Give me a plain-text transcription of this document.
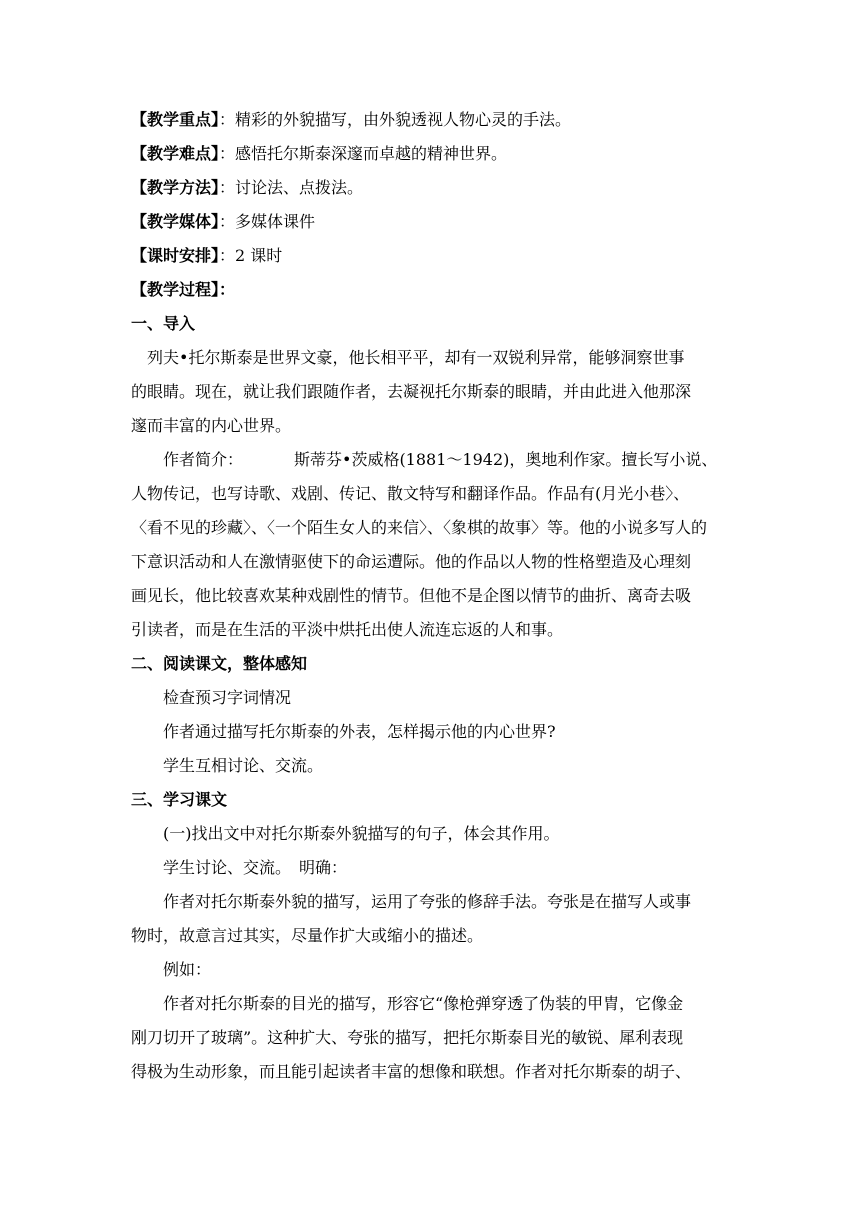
【教学重点】：精彩的外貌描写，由外貌透视人物心灵的手法。
【教学难点】：感悟托尔斯泰深邃而卓越的精神世界。
【教学方法】：讨论法、点拨法。
【教学媒体】：多媒体课件
【课时安排】：2 课时
【教学过程】：
一、导入
列夫•托尔斯泰是世界文豪，他长相平平，却有一双锐利异常，能够洞察世事
的眼睛。现在，就让我们跟随作者，去凝视托尔斯泰的眼睛，并由此进入他那深
邃而丰富的内心世界。
作者简介：	斯蒂芬•茨威格(1881～1942)，奥地利作家。擅长写小说、
人物传记，也写诗歌、戏剧、传记、散文特写和翻译作品。作品有(月光小巷〉、
〈看不见的珍藏〉、〈一个陌生女人的来信〉、〈象棋的故事〉等。他的小说多写人的
下意识活动和人在激情驱使下的命运遭际。他的作品以人物的性格塑造及心理刻
画见长，他比较喜欢某种戏剧性的情节。但他不是企图以情节的曲折、离奇去吸
引读者，而是在生活的平淡中烘托出使人流连忘返的人和事。
二、阅读课文，整体感知
检查预习字词情况
作者通过描写托尔斯泰的外表，怎样揭示他的内心世界?
学生互相讨论、交流。
三、学习课文
(一)找出文中对托尔斯泰外貌描写的句子，体会其作用。
学生讨论、交流。　明确：
作者对托尔斯泰外貌的描写，运用了夸张的修辞手法。夸张是在描写人或事
物时，故意言过其实，尽量作扩大或缩小的描述。
例如：
作者对托尔斯泰的目光的描写，形容它“像枪弹穿透了伪装的甲胄，它像金
刚刀切开了玻璃”。这种扩大、夸张的描写，把托尔斯泰目光的敏锐、犀利表现
得极为生动形象，而且能引起读者丰富的想像和联想。作者对托尔斯泰的胡子、
